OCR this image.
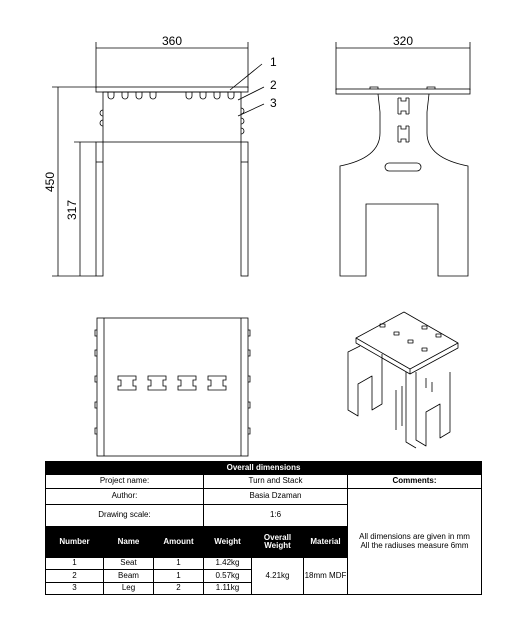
360	320
450
317
1
2
3
Overall dimensions						
Project name:			Turn and Stack			Comments:
Author:			Basia Dzaman			All dimensions are given in mm
All the radiuses measure 6mm

Drawing scale:			1:6			
Number	Name	Amount	Weight	Overall Weight	Material	
1	Seat	1	1.42kg	4.21kg	18mm MDF	
2	Beam	1	0.57kg			
3	Leg	2	1.11kg			
